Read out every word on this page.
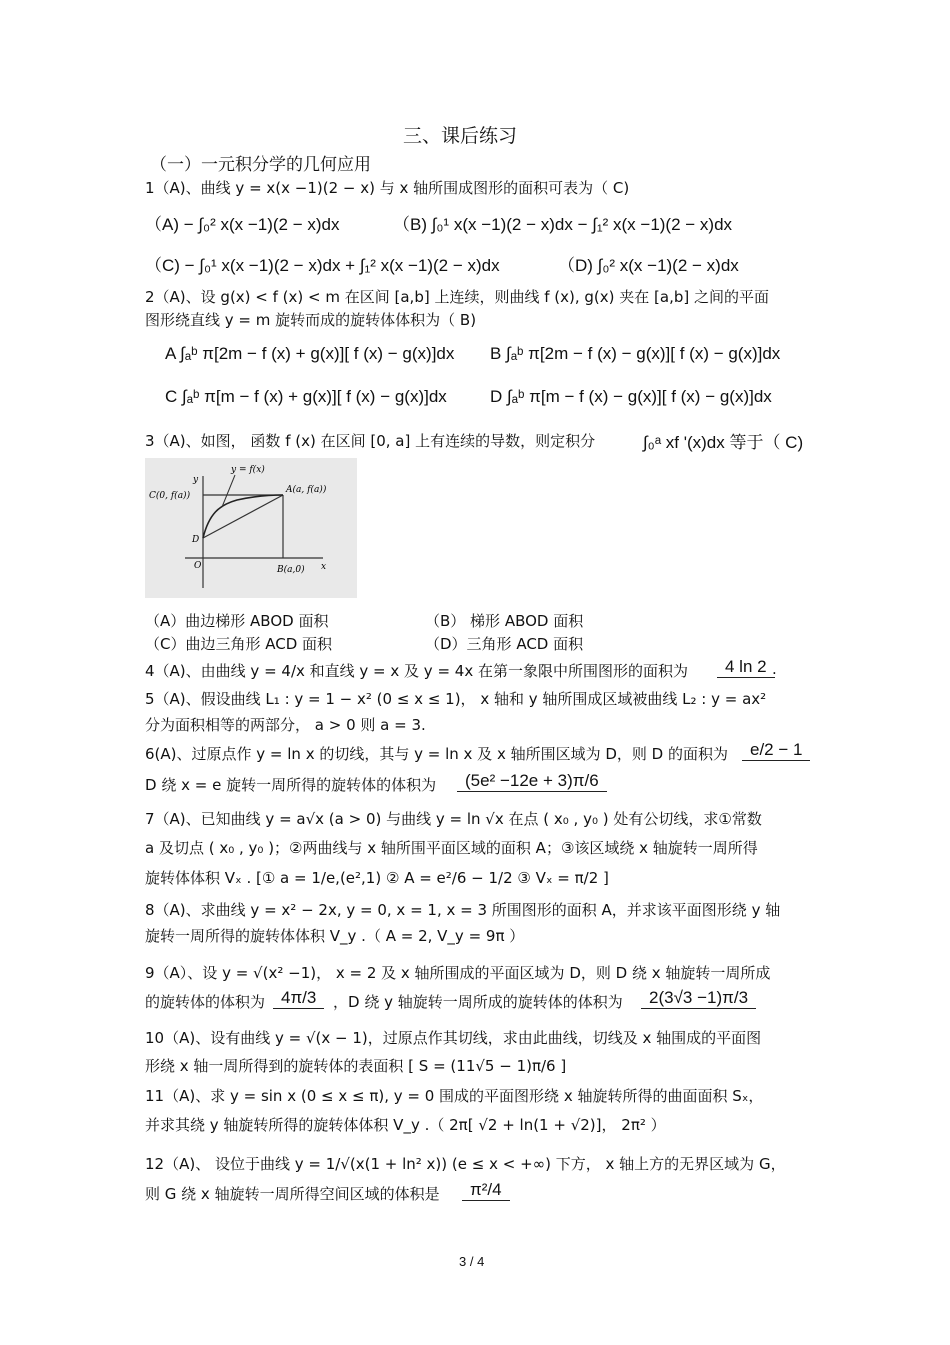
三、课后练习
（一）一元积分学的几何应用
1（A)、曲线 y = x(x −1)(2 − x) 与 x 轴所围成图形的面积可表为（ C)
（A) − ∫₀² x(x −1)(2 − x)dx	（B) ∫₀¹ x(x −1)(2 − x)dx − ∫₁² x(x −1)(2 − x)dx
（C) − ∫₀¹ x(x −1)(2 − x)dx + ∫₁² x(x −1)(2 − x)dx	（D) ∫₀² x(x −1)(2 − x)dx
2（A)、设 g(x) < f (x) < m 在区间 [a,b] 上连续，则曲线 f (x), g(x) 夹在 [a,b] 之间的平面
图形绕直线 y = m 旋转而成的旋转体体积为（ B)
A ∫ₐᵇ π[2m − f (x) + g(x)][ f (x) − g(x)]dx B ∫ₐᵇ π[2m − f (x) − g(x)][ f (x) − g(x)]dx
C ∫ₐᵇ π[m − f (x) + g(x)][ f (x) − g(x)]dx	D ∫ₐᵇ π[m − f (x) − g(x)][ f (x) − g(x)]dx
3（A)、如图， 函数 f (x) 在区间 [0, a] 上有连续的导数，则定积分	∫₀ᵃ xf '(x)dx 等于（ C)
y = f(x)
y
x
C(0, f(a))
A(a, f(a))
D
O	B(a,0)
（A）曲边梯形 ABOD 面积	（B） 梯形 ABOD 面积
（C）曲边三角形 ACD 面积	（D）三角形 ACD 面积
4（A)、由曲线 y = 4/x 和直线 y = x 及 y = 4x 在第一象限中所围图形的面积为	4 ln 2 .
5（A)、假设曲线 L₁ : y = 1 − x² (0 ≤ x ≤ 1)， x 轴和 y 轴所围成区域被曲线 L₂ : y = ax²
分为面积相等的两部分， a > 0 则 a = 3.
6(A)、过原点作 y = ln x 的切线，其与 y = ln x 及 x 轴所围区域为 D，则 D 的面积为	e/2 − 1
D 绕 x = e 旋转一周所得的旋转体的体积为	(5e² −12e + 3)π/6
7（A)、已知曲线 y = a√x (a > 0) 与曲线 y = ln √x 在点 ( x₀ , y₀ ) 处有公切线，求①常数
a 及切点 ( x₀ , y₀ )；②两曲线与 x 轴所围平面区域的面积 A；③该区域绕 x 轴旋转一周所得
旋转体体积 Vₓ . [① a = 1/e,(e²,1) ② A = e²/6 − 1/2 ③ Vₓ = π/2 ]
8（A)、求曲线 y = x² − 2x, y = 0, x = 1, x = 3 所围图形的面积 A，并求该平面图形绕 y 轴
旋转一周所得的旋转体体积 V_y .（ A = 2, V_y = 9π ）
9（A）、设 y = √(x² −1)， x = 2 及 x 轴所围成的平面区域为 D，则 D 绕 x 轴旋转一周所成
的旋转体的体积为 4π/3	，D 绕 y 轴旋转一周所成的旋转体的体积为	2(3√3 −1)π/3
10（A)、设有曲线 y = √(x − 1)，过原点作其切线，求由此曲线，切线及 x 轴围成的平面图
形绕 x 轴一周所得到的旋转体的表面积 [ S = (11√5 − 1)π/6 ]
11（A)、求 y = sin x (0 ≤ x ≤ π), y = 0 围成的平面图形绕 x 轴旋转所得的曲面面积 Sₓ，
并求其绕 y 轴旋转所得的旋转体体积 V_y .（ 2π[ √2 + ln(1 + √2)]， 2π² ）
12（A)、 设位于曲线 y = 1/√(x(1 + ln² x)) (e ≤ x < +∞) 下方， x 轴上方的无界区域为 G，
则 G 绕 x 轴旋转一周所得空间区域的体积是	π²/4
3 / 4
